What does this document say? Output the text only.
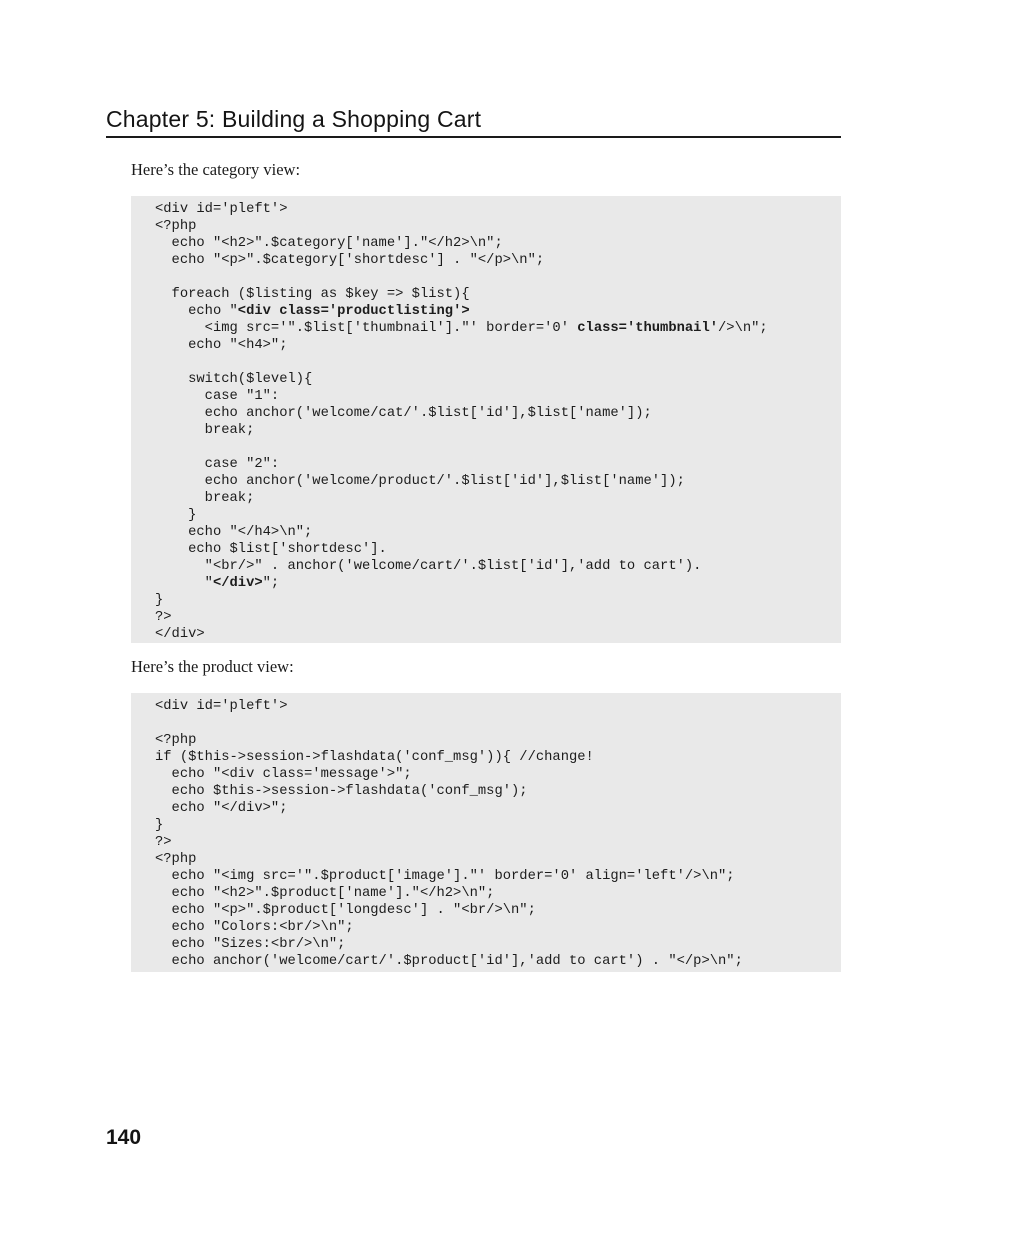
Chapter 5: Building a Shopping Cart

Here’s the category view:

<div id='pleft'>
<?php
echo "<h2>".$category['name']."</h2>\n";
echo "<p>".$category['shortdesc'] . "</p>\n";

foreach ($listing as $key => $list){
echo "<div class='productlisting'>
<img src='".$list['thumbnail']."' border='0' class='thumbnail'/>\n";
echo "<h4>";

switch($level){
case "1":
echo anchor('welcome/cat/'.$list['id'],$list['name']);
break;

case "2":
echo anchor('welcome/product/'.$list['id'],$list['name']);
break;
}
echo "</h4>\n";
echo $list['shortdesc'].
"<br/>" . anchor('welcome/cart/'.$list['id'],'add to cart').
"</div>";
}
?>
</div>

Here’s the product view:

<div id='pleft'>

<?php
if ($this->session->flashdata('conf_msg')){ //change!
echo "<div class='message'>";
echo $this->session->flashdata('conf_msg');
echo "</div>";
}
?>
<?php
echo "<img src='".$product['image']."' border='0' align='left'/>\n";
echo "<h2>".$product['name']."</h2>\n";
echo "<p>".$product['longdesc'] . "<br/>\n";
echo "Colors:<br/>\n";
echo "Sizes:<br/>\n";
echo anchor('welcome/cart/'.$product['id'],'add to cart') . "</p>\n";
140
